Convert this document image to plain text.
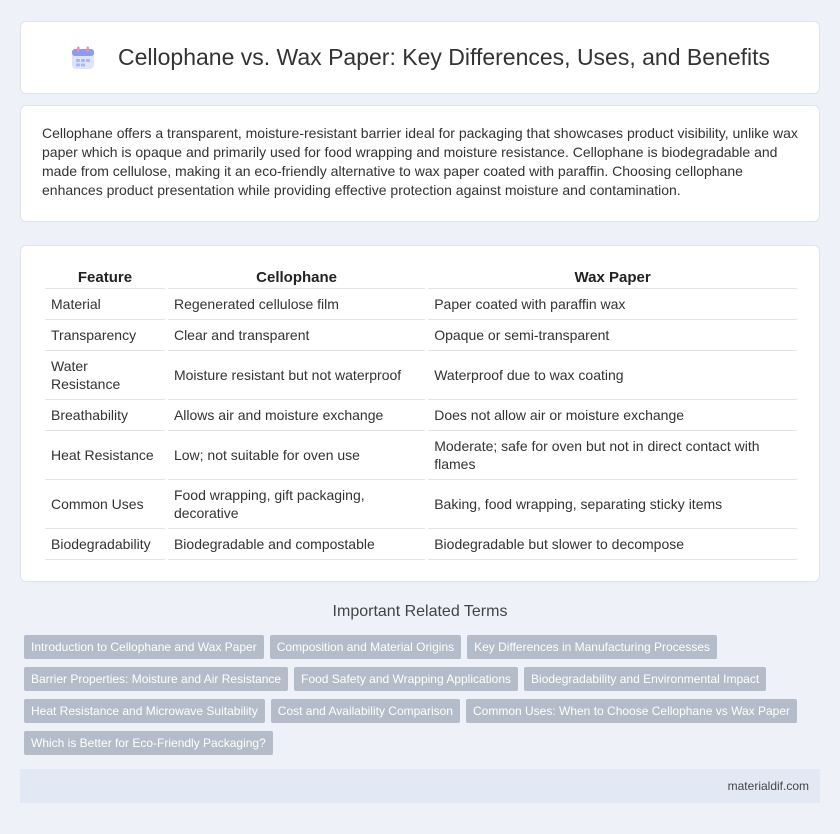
Cellophane vs. Wax Paper: Key Differences, Uses, and Benefits

Cellophane offers a transparent, moisture-resistant barrier ideal for packaging that showcases product visibility, unlike wax paper which is opaque and primarily used for food wrapping and moisture resistance. Cellophane is biodegradable and made from cellulose, making it an eco-friendly alternative to wax paper coated with paraffin. Choosing cellophane enhances product presentation while providing effective protection against moisture and contamination.

Feature	Cellophane	Wax Paper
Material	Regenerated cellulose film	Paper coated with paraffin wax
Transparency	Clear and transparent	Opaque or semi-transparent
Water Resistance	Moisture resistant but not waterproof	Waterproof due to wax coating
Breathability	Allows air and moisture exchange	Does not allow air or moisture exchange
Heat Resistance	Low; not suitable for oven use	Moderate; safe for oven but not in direct contact with flames
Common Uses	Food wrapping, gift packaging, decorative	Baking, food wrapping, separating sticky items
Biodegradability	Biodegradable and compostable	Biodegradable but slower to decompose
Important Related Terms
Introduction to Cellophane and Wax Paper	Composition and Material Origins	Key Differences in Manufacturing Processes
Barrier Properties: Moisture and Air Resistance	Food Safety and Wrapping Applications	Biodegradability and Environmental Impact
Heat Resistance and Microwave Suitability	Cost and Availability Comparison	Common Uses: When to Choose Cellophane vs Wax Paper
Which is Better for Eco-Friendly Packaging?
materialdif.com
